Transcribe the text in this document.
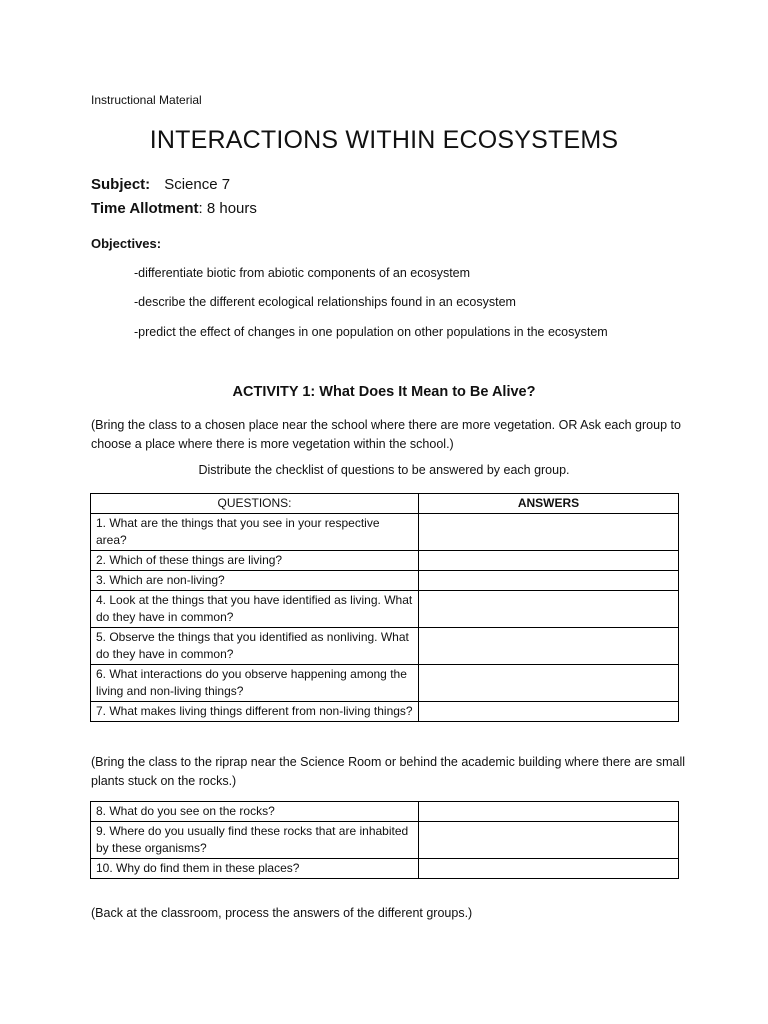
Instructional Material
INTERACTIONS WITHIN ECOSYSTEMS
Subject: Science 7
Time Allotment: 8 hours
Objectives:
-differentiate biotic from abiotic components of an ecosystem
-describe the different ecological relationships found in an ecosystem
-predict the effect of changes in one population on other populations in the ecosystem
ACTIVITY 1: What Does It Mean to Be Alive?
(Bring the class to a chosen place near the school where there are more vegetation. OR Ask each group to choose a place where there is more vegetation within the school.)
Distribute the checklist of questions to be answered by each group.
QUESTIONS:	ANSWERS
1. What are the things that you see in your respective area?	
2. Which of these things are living?	
3. Which are non-living?	
4. Look at the things that you have identified as living. What do they have in common?	
5. Observe the things that you identified as nonliving. What do they have in common?	
6. What interactions do you observe happening among the living and non-living things?	
7. What makes living things different from non-living things?	
(Bring the class to the riprap near the Science Room or behind the academic building where there are small plants stuck on the rocks.)
8. What do you see on the rocks?	
9. Where do you usually find these rocks that are inhabited by these organisms?	
10. Why do find them in these places?	
(Back at the classroom, process the answers of the different groups.)
